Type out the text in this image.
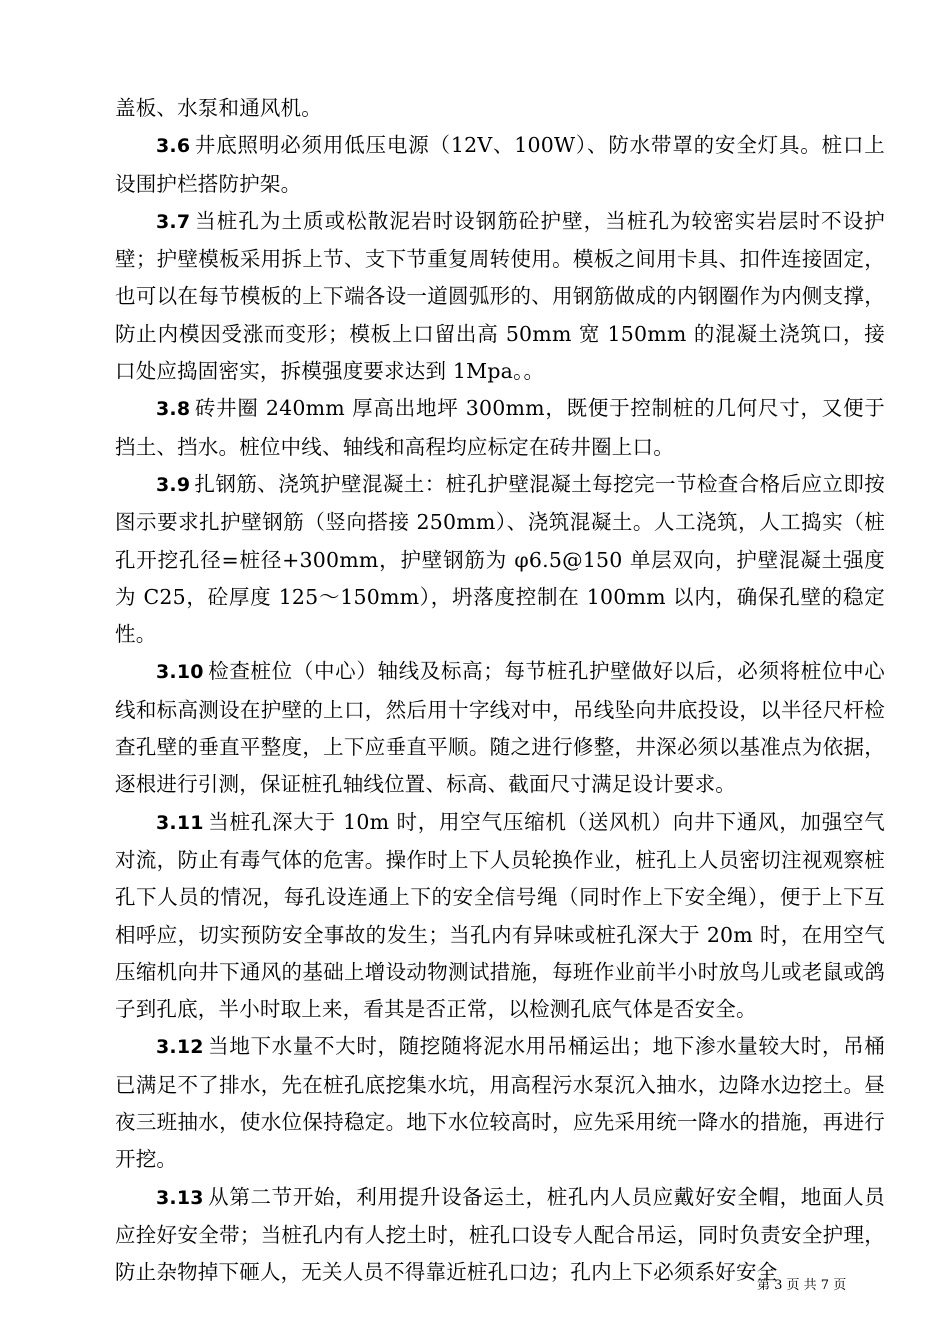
盖板、水泵和通风机。

3.6 井底照明必须用低压电源（12V、100W）、防水带罩的安全灯具。桩口上设围护栏搭防护架。

3.7 当桩孔为土质或松散泥岩时设钢筋砼护壁，当桩孔为较密实岩层时不设护壁；护壁模板采用拆上节、支下节重复周转使用。模板之间用卡具、扣件连接固定，也可以在每节模板的上下端各设一道圆弧形的、用钢筋做成的内钢圈作为内侧支撑，防止内模因受涨而变形；模板上口留出高 50mm 宽 150mm 的混凝土浇筑口，接口处应捣固密实，拆模强度要求达到 1Mpa。。

3.8 砖井圈 240mm 厚高出地坪 300mm，既便于控制桩的几何尺寸，又便于挡土、挡水。桩位中线、轴线和高程均应标定在砖井圈上口。

3.9 扎钢筋、浇筑护壁混凝土：桩孔护壁混凝土每挖完一节检查合格后应立即按图示要求扎护壁钢筋（竖向搭接 250mm）、浇筑混凝土。人工浇筑，人工捣实（桩孔开挖孔径=桩径+300mm，护壁钢筋为 φ6.5@150 单层双向，护壁混凝土强度为 C25，砼厚度 125～150mm），坍落度控制在 100mm 以内，确保孔壁的稳定性。

3.10 检查桩位（中心）轴线及标高；每节桩孔护壁做好以后，必须将桩位中心线和标高测设在护壁的上口，然后用十字线对中，吊线坠向井底投设，以半径尺杆检查孔壁的垂直平整度，上下应垂直平顺。随之进行修整，井深必须以基准点为依据，逐根进行引测，保证桩孔轴线位置、标高、截面尺寸满足设计要求。

3.11 当桩孔深大于 10m 时，用空气压缩机（送风机）向井下通风，加强空气对流，防止有毒气体的危害。操作时上下人员轮换作业，桩孔上人员密切注视观察桩孔下人员的情况，每孔设连通上下的安全信号绳（同时作上下安全绳），便于上下互相呼应，切实预防安全事故的发生；当孔内有异味或桩孔深大于 20m 时，在用空气压缩机向井下通风的基础上增设动物测试措施，每班作业前半小时放鸟儿或老鼠或鸽子到孔底，半小时取上来，看其是否正常，以检测孔底气体是否安全。

3.12 当地下水量不大时，随挖随将泥水用吊桶运出；地下渗水量较大时，吊桶已满足不了排水，先在桩孔底挖集水坑，用高程污水泵沉入抽水，边降水边挖土。昼夜三班抽水，使水位保持稳定。地下水位较高时，应先采用统一降水的措施，再进行开挖。

3.13 从第二节开始，利用提升设备运土，桩孔内人员应戴好安全帽，地面人员应拴好安全带；当桩孔内有人挖土时，桩孔口设专人配合吊运，同时负责安全护理，防止杂物掉下砸人，无关人员不得靠近桩孔口边；孔内上下必须系好安全

第 3 页 共 7 页
